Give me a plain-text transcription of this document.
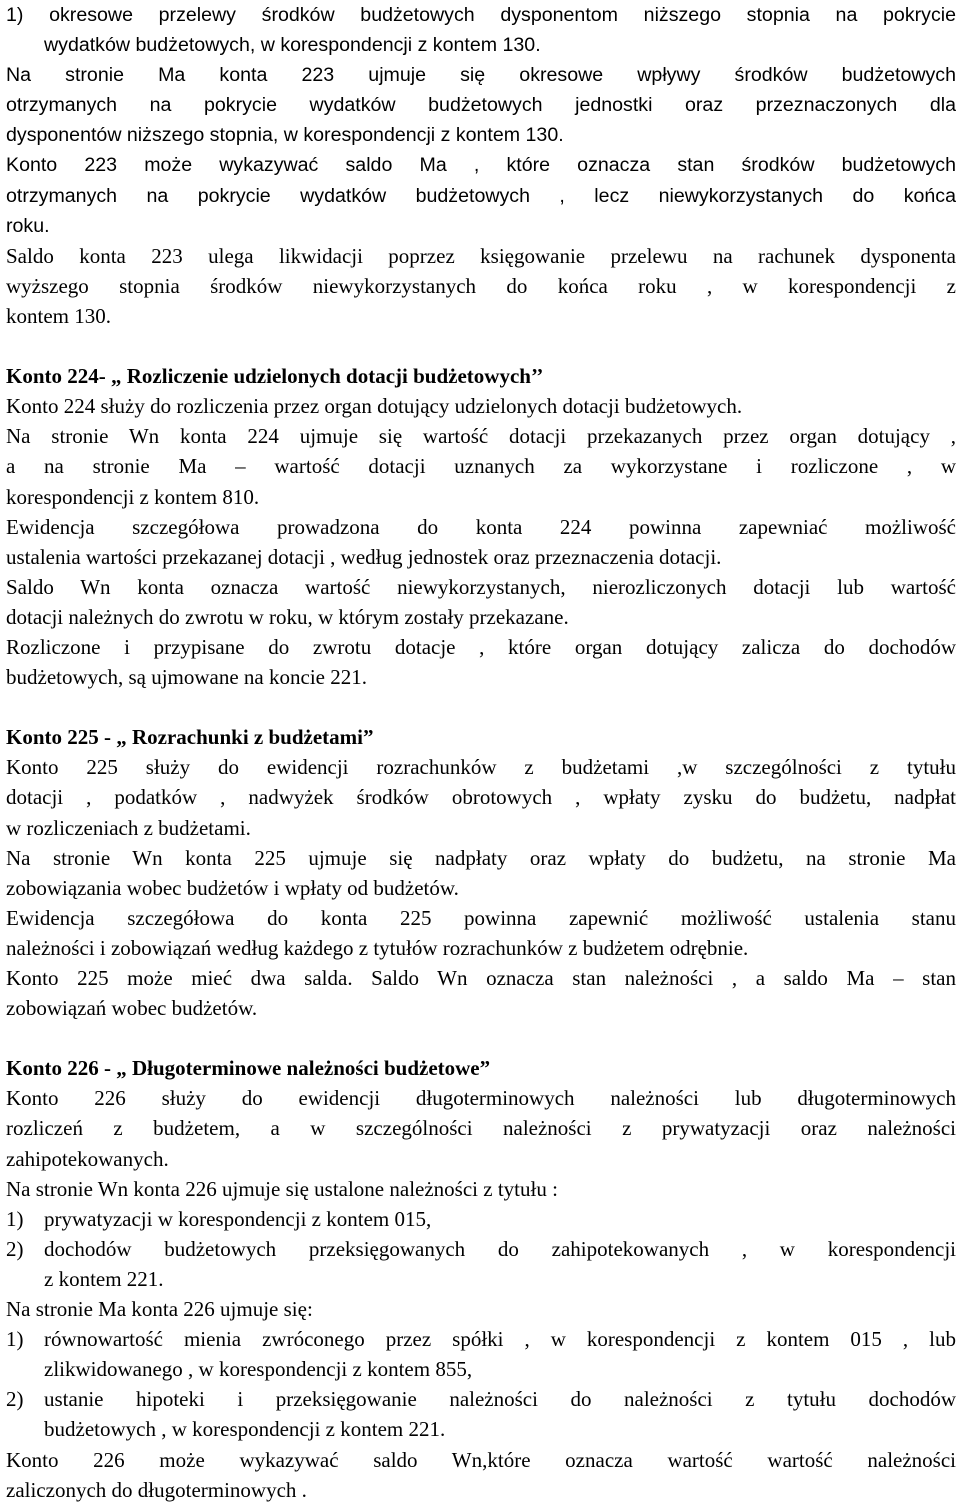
1) okresowe przelewy środków budżetowych dysponentom niższego stopnia na pokrycie
wydatków budżetowych, w korespondencji z kontem 130.
Na stronie Ma konta 223 ujmuje się okresowe wpływy środków budżetowych
otrzymanych na pokrycie wydatków budżetowych jednostki oraz przeznaczonych dla
dysponentów niższego stopnia, w korespondencji z kontem 130.
Konto 223 może wykazywać saldo Ma , które oznacza stan środków budżetowych
otrzymanych na pokrycie wydatków budżetowych , lecz niewykorzystanych do końca
roku.
Saldo konta 223 ulega likwidacji poprzez księgowanie przelewu na rachunek dysponenta
wyższego stopnia środków niewykorzystanych do końca roku , w korespondencji z
kontem 130.
Konto 224- „ Rozliczenie udzielonych dotacji budżetowych’’
Konto 224 służy do rozliczenia przez organ dotujący udzielonych dotacji budżetowych.
Na stronie Wn konta 224 ujmuje się wartość dotacji przekazanych przez organ dotujący ,
a na stronie Ma – wartość dotacji uznanych za wykorzystane i rozliczone , w
korespondencji z kontem 810.
Ewidencja szczegółowa prowadzona do konta 224 powinna zapewniać możliwość
ustalenia wartości przekazanej dotacji , według jednostek oraz przeznaczenia dotacji.
Saldo Wn konta oznacza wartość niewykorzystanych, nierozliczonych dotacji lub wartość
dotacji należnych do zwrotu w roku, w którym zostały przekazane.
Rozliczone i przypisane do zwrotu dotacje , które organ dotujący zalicza do dochodów
budżetowych, są ujmowane na koncie 221.
Konto 225 - „ Rozrachunki z budżetami”
Konto 225 służy do ewidencji rozrachunków z budżetami ,w szczególności z tytułu
dotacji , podatków , nadwyżek środków obrotowych , wpłaty zysku do budżetu, nadpłat
w rozliczeniach z budżetami.
Na stronie Wn konta 225 ujmuje się nadpłaty oraz wpłaty do budżetu, na stronie Ma
zobowiązania wobec budżetów i wpłaty od budżetów.
Ewidencja szczegółowa do konta 225 powinna zapewnić możliwość ustalenia stanu
należności i zobowiązań według każdego z tytułów rozrachunków z budżetem odrębnie.
Konto 225 może mieć dwa salda. Saldo Wn oznacza stan należności , a saldo Ma – stan
zobowiązań wobec budżetów.
Konto 226 - „ Długoterminowe należności budżetowe”
Konto 226 służy do ewidencji długoterminowych należności lub długoterminowych
rozliczeń z budżetem, a w szczególności należności z prywatyzacji oraz należności
zahipotekowanych.
Na stronie Wn konta 226 ujmuje się ustalone należności z tytułu :
1) prywatyzacji w korespondencji z kontem 015,
2) dochodów budżetowych przeksięgowanych do zahipotekowanych , w korespondencji
z kontem 221.
Na stronie Ma konta 226 ujmuje się:
1) równowartość mienia zwróconego przez spółki , w korespondencji z kontem 015 , lub
zlikwidowanego , w korespondencji z kontem 855,
2) ustanie hipoteki i przeksięgowanie należności do należności z tytułu dochodów
budżetowych , w korespondencji z kontem 221.
Konto 226 może wykazywać saldo Wn,które oznacza wartość wartość należności
zaliczonych do długoterminowych .
